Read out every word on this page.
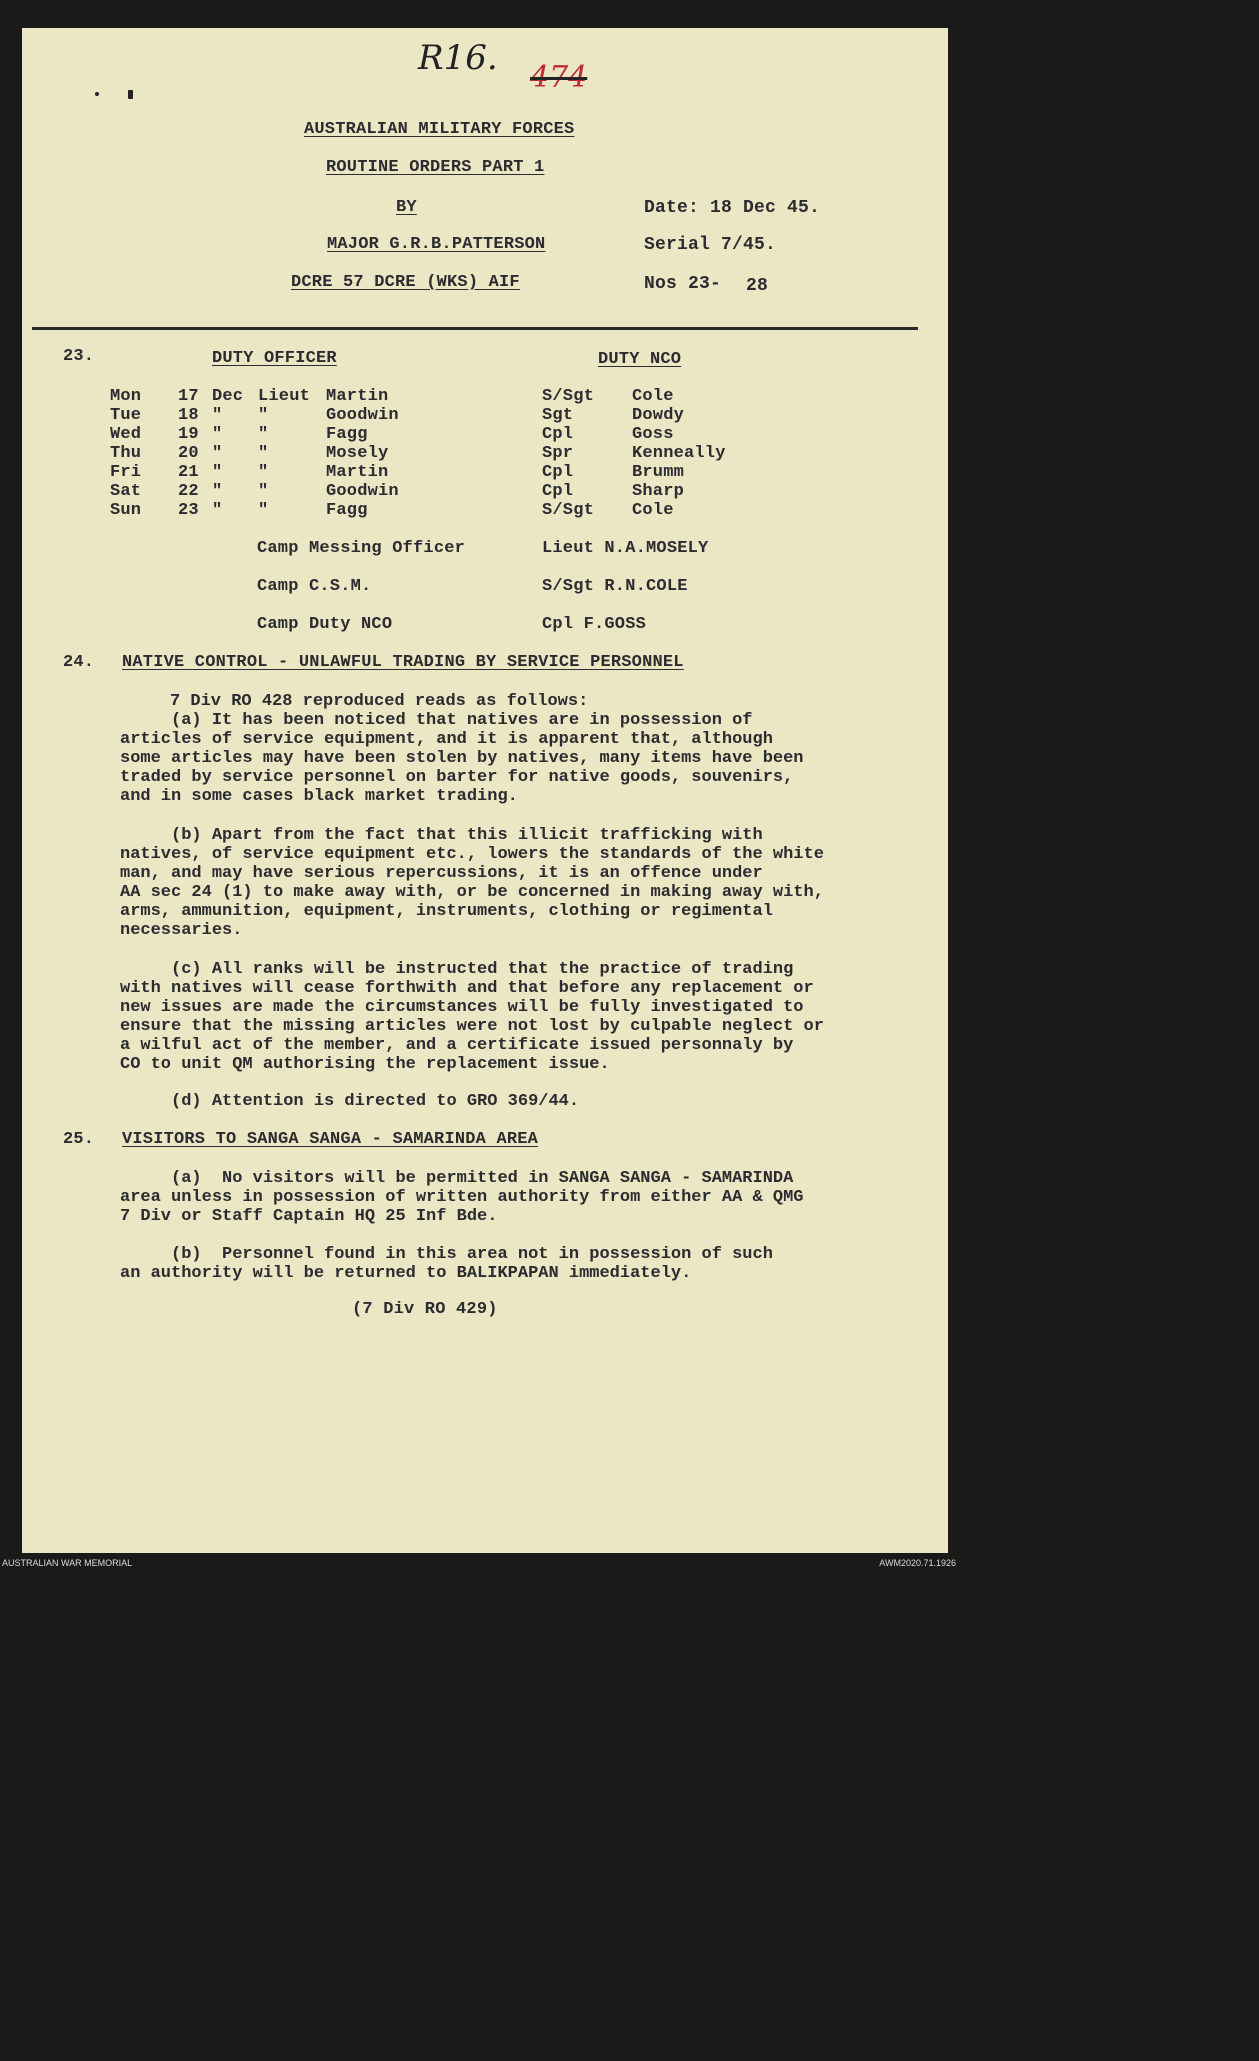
R16. 474
AUSTRALIAN MILITARY FORCES
ROUTINE ORDERS PART 1
BY
MAJOR G.R.B.PATTERSON
DCRE 57 DCRE (WKS) AIF
Date: 18 Dec 45.
Serial 7/45.
Nos 23- 28
23.	DUTY OFFICER	DUTY NCO
Mon 17 Dec Lieut Martin	S/Sgt Cole
Tue 18 " "	Goodwin	Sgt	Dowdy
Wed 19 " "	Fagg	Cpl	Goss
Thu 20 " "	Mosely	Spr	Kenneally
Fri 21 " "	Martin	Cpl	Brumm
Sat 22 " "	Goodwin	Cpl	Sharp
Sun 23 " "	Fagg	S/Sgt Cole
Camp Messing Officer	Lieut N.A.MOSELY
Camp C.S.M.	S/Sgt R.N.COLE
Camp Duty NCO	Cpl F.GOSS
24. NATIVE CONTROL - UNLAWFUL TRADING BY SERVICE PERSONNEL
7 Div RO 428 reproduced reads as follows:
(a) It has been noticed that natives are in possession of
articles of service equipment, and it is apparent that, although
some articles may have been stolen by natives, many items have been
traded by service personnel on barter for native goods, souvenirs,
and in some cases black market trading.
(b) Apart from the fact that this illicit trafficking with
natives, of service equipment etc., lowers the standards of the white
man, and may have serious repercussions, it is an offence under
AA sec 24 (1) to make away with, or be concerned in making away with,
arms, ammunition, equipment, instruments, clothing or regimental
necessaries.
(c) All ranks will be instructed that the practice of trading
with natives will cease forthwith and that before any replacement or
new issues are made the circumstances will be fully investigated to
ensure that the missing articles were not lost by culpable neglect or
a wilful act of the member, and a certificate issued personnaly by
CO to unit QM authorising the replacement issue.
(d) Attention is directed to GRO 369/44.
25. VISITORS TO SANGA SANGA - SAMARINDA AREA
(a)  No visitors will be permitted in SANGA SANGA - SAMARINDA
area unless in possession of written authority from either AA & QMG
7 Div or Staff Captain HQ 25 Inf Bde.
(b)  Personnel found in this area not in possession of such
an authority will be returned to BALIKPAPAN immediately.
(7 Div RO 429)
AUSTRALIAN WAR MEMORIAL	AWM2020.71.1926
